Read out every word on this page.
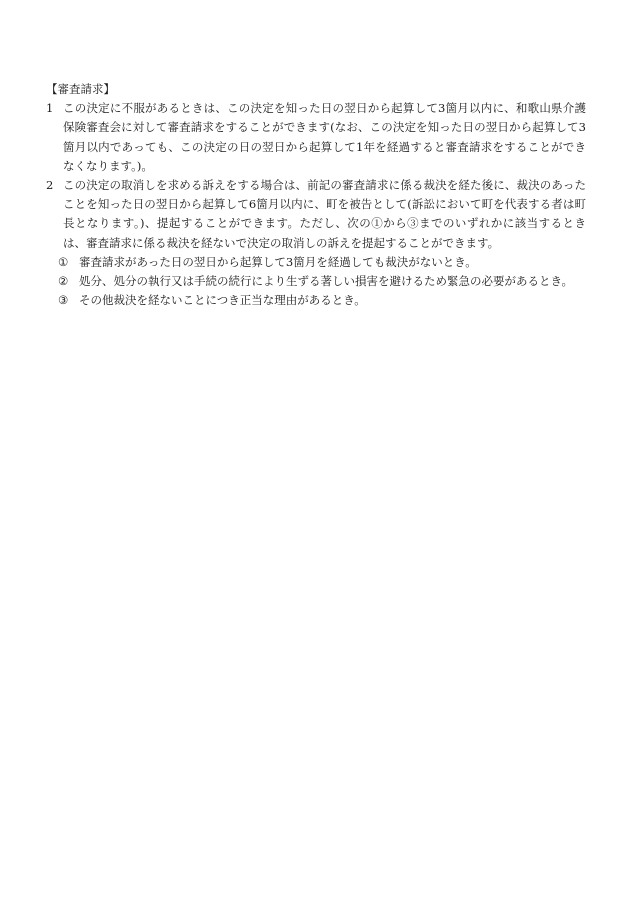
【審査請求】

1 この決定に不服があるときは、この決定を知った日の翌日から起算して3箇月以内に、和歌山県介護保険審査会に対して審査請求をすることができます(なお、この決定を知った日の翌日から起算して3箇月以内であっても、この決定の日の翌日から起算して1年を経過すると審査請求をすることができなくなります。)。
2 この決定の取消しを求める訴えをする場合は、前記の審査請求に係る裁決を経た後に、裁決のあったことを知った日の翌日から起算して6箇月以内に、町を被告として(訴訟において町を代表する者は町長となります。)、提起することができます。ただし、次の①から③までのいずれかに該当するときは、審査請求に係る裁決を経ないで決定の取消しの訴えを提起することができます。
① 審査請求があった日の翌日から起算して3箇月を経過しても裁決がないとき。
② 処分、処分の執行又は手続の続行により生ずる著しい損害を避けるため緊急の必要があるとき。
③ その他裁決を経ないことにつき正当な理由があるとき。
